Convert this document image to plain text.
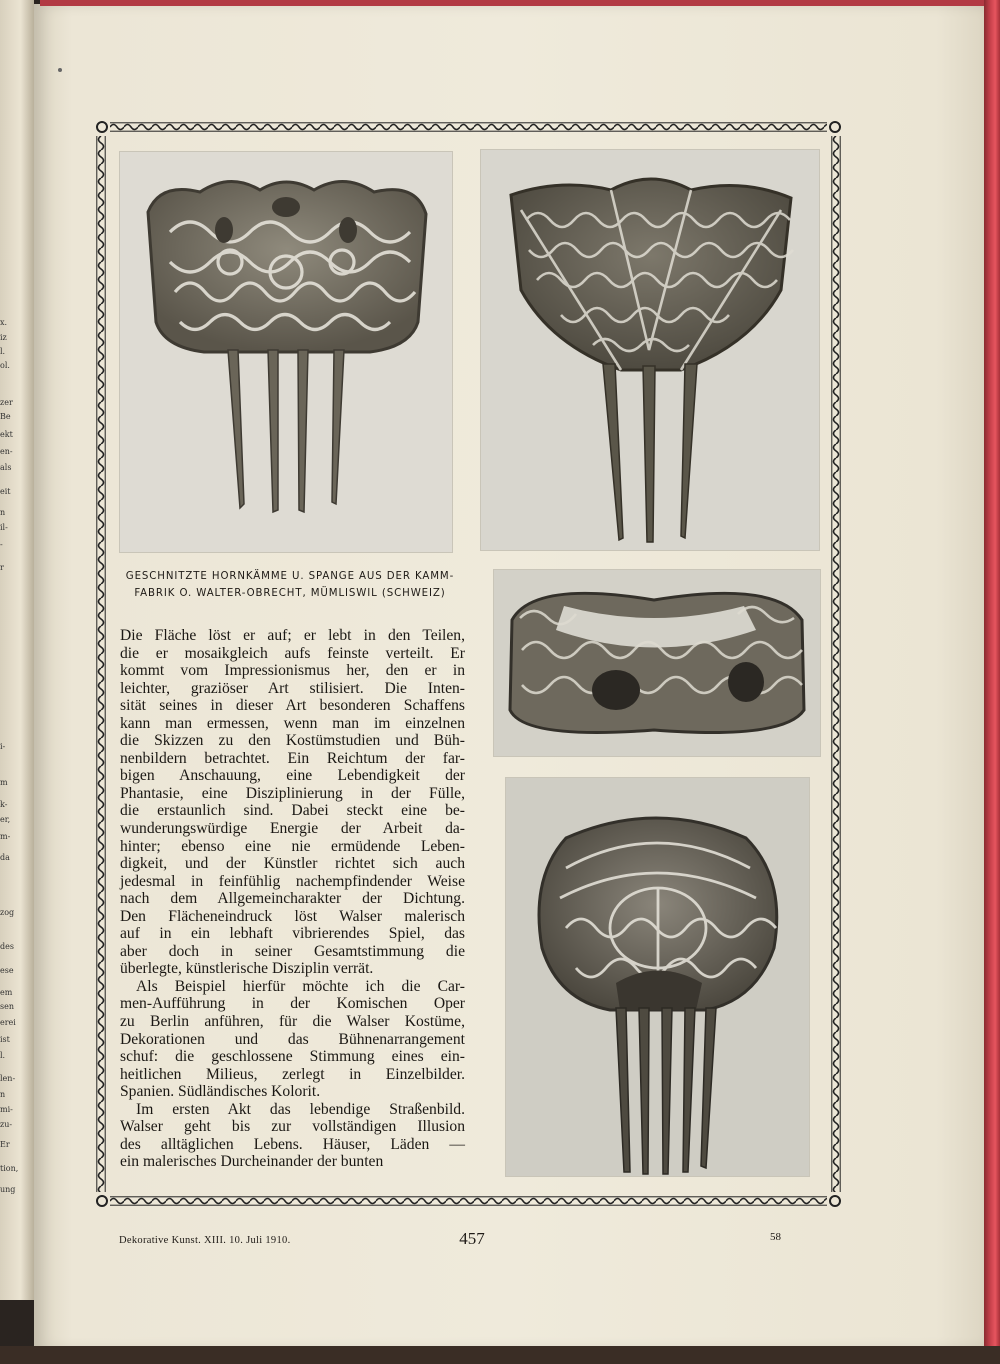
x.
iz
l.
ol.
zer
Be
ekt
en-
als
eit
n
il-
-
r
i-
m
k-
er,
m-
da
zog
des
ese
em
sen
erei
ist
l.
len-
n
mi-
zu-
Er
tion,
ung
GESCHNITZTE HORNKÄMME U. SPANGE AUS DER KAMM-
FABRIK O. WALTER-OBRECHT, MÜMLISWIL (SCHWEIZ)
Die Fläche löst er auf; er lebt in den Teilen,
die er mosaikgleich aufs feinste verteilt. Er
kommt vom Impressionismus her, den er in
leichter, graziöser Art stilisiert. Die Inten-
sität seines in dieser Art besonderen Schaffens
kann man ermessen, wenn man im einzelnen
die Skizzen zu den Kostümstudien und Büh-
nenbildern betrachtet. Ein Reichtum der far-
bigen Anschauung, eine Lebendigkeit der
Phantasie, eine Disziplinierung in der Fülle,
die erstaunlich sind. Dabei steckt eine be-
wunderungswürdige Energie der Arbeit da-
hinter; ebenso eine nie ermüdende Leben-
digkeit, und der Künstler richtet sich auch
jedesmal in feinfühlig nachempfindender Weise
nach dem Allgemeincharakter der Dichtung.
Den Flächeneindruck löst Walser malerisch
auf in ein lebhaft vibrierendes Spiel, das
aber doch in seiner Gesamtstimmung die
überlegte, künstlerische Disziplin verrät.
Als Beispiel hierfür möchte ich die Car-
men-Aufführung in der Komischen Oper
zu Berlin anführen, für die Walser Kostüme,
Dekorationen und das Bühnenarrangement
schuf: die geschlossene Stimmung eines ein-
heitlichen Milieus, zerlegt in Einzelbilder.
Spanien. Südländisches Kolorit.
Im ersten Akt das lebendige Straßenbild.
Walser geht bis zur vollständigen Illusion
des alltäglichen Lebens. Häuser, Läden —
ein malerisches Durcheinander der bunten
Dekorative Kunst. XIII. 10. Juli 1910.	457	58
